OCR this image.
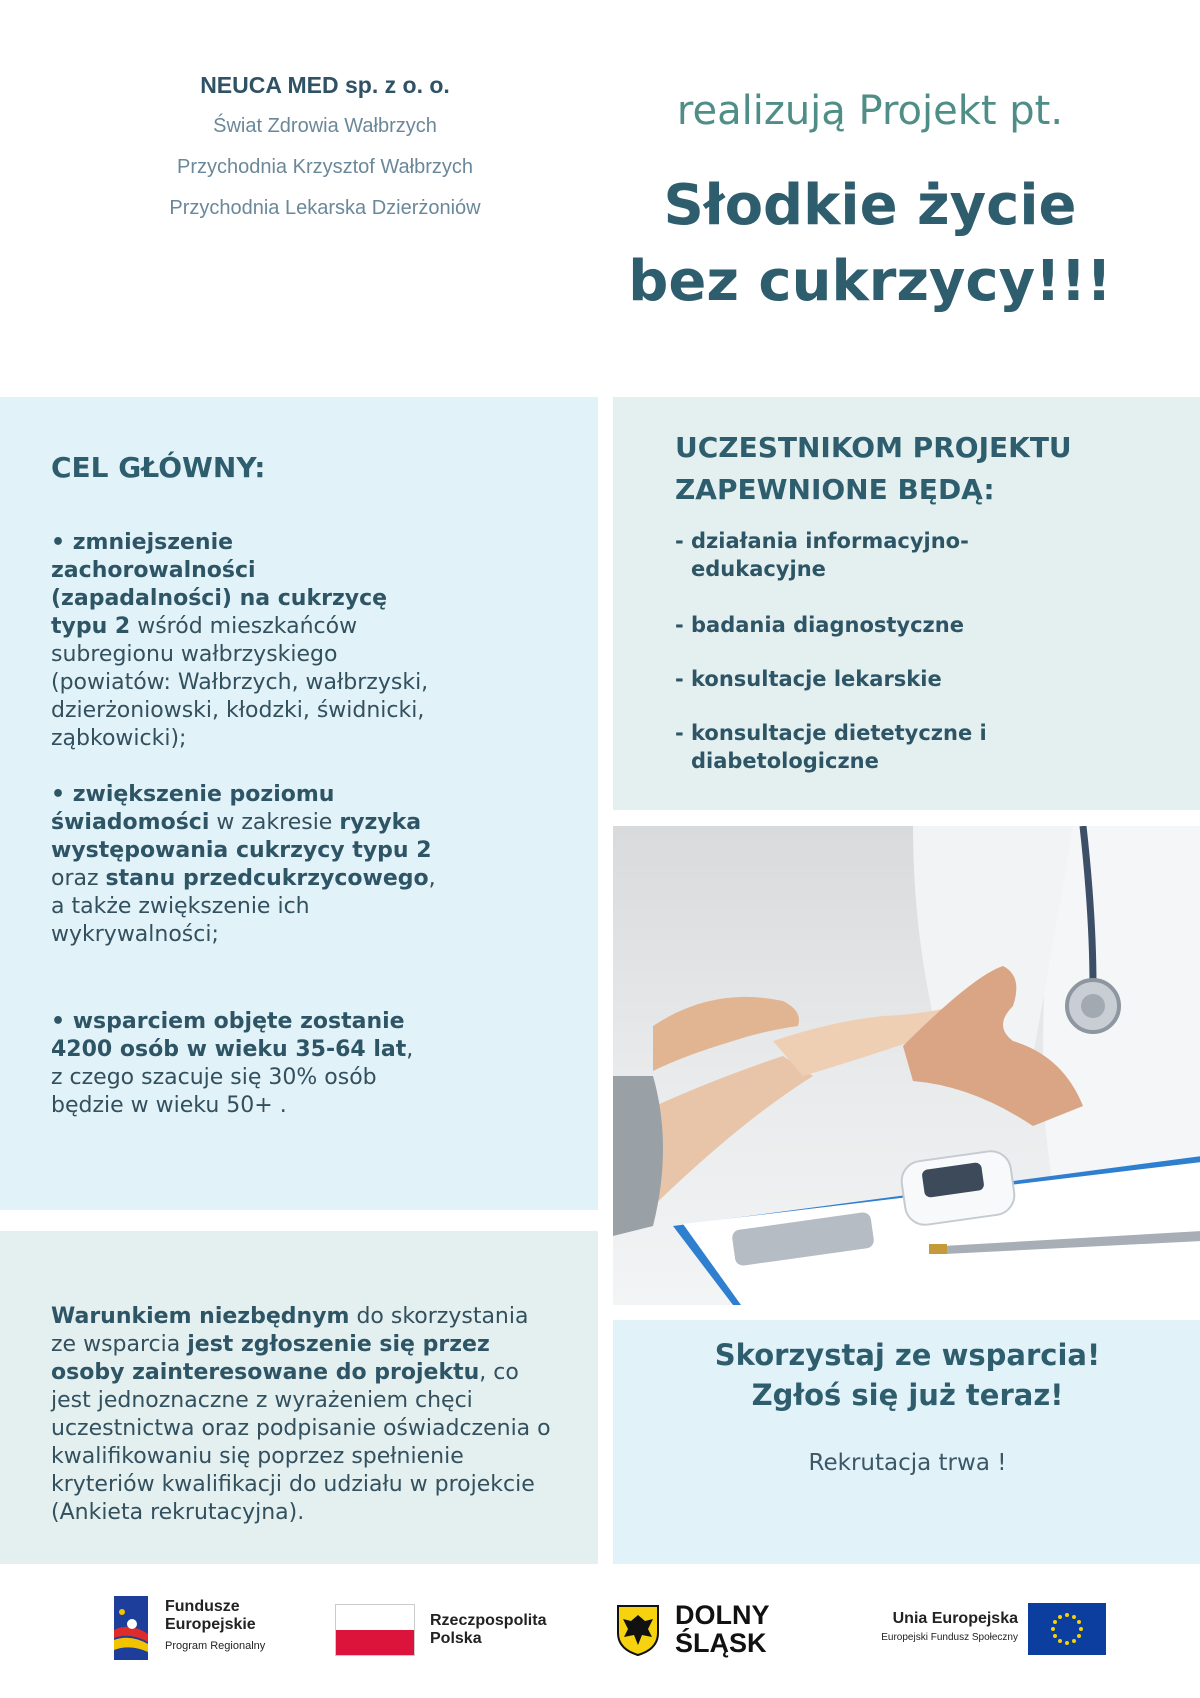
NEUCA MED sp. z o. o.
Świat Zdrowia Wałbrzych
Przychodnia Krzysztof Wałbrzych
Przychodnia Lekarska Dzierżoniów
realizują Projekt pt.
Słodkie życie
bez cukrzycy!!!
CEL GŁÓWNY:
• zmniejszenie zachorowalności (zapadalności) na cukrzycę typu 2 wśród mieszkańców subregionu wałbrzyskiego (powiatów: Wałbrzych, wałbrzyski, dzierżoniowski, kłodzki, świdnicki, ząbkowicki);
• zwiększenie poziomu świadomości w zakresie ryzyka występowania cukrzycy typu 2 oraz stanu przedcukrzycowego, a także zwiększenie ich wykrywalności;
• wsparciem objęte zostanie 4200 osób w wieku 35-64 lat,
z czego szacuje się 30% osób będzie w wieku 50+ .
UCZESTNIKOM PROJEKTU
ZAPEWNIONE BĘDĄ:
- działania informacyjno-
edukacyjne
- badania diagnostyczne
- konsultacje lekarskie
- konsultacje dietetyczne i
diabetologiczne
Warunkiem niezbędnym do skorzystania ze wsparcia jest zgłoszenie się przez osoby zainteresowane do projektu, co jest jednoznaczne z wyrażeniem chęci uczestnictwa oraz podpisanie oświadczenia o kwalifikowaniu się poprzez spełnienie kryteriów kwalifikacji do udziału w projekcie (Ankieta rekrutacyjna).
Skorzystaj ze wsparcia!
Zgłoś się już teraz!
Rekrutacja trwa !
Fundusze
Europejskie
Program Regionalny
Rzeczpospolita
Polska
DOLNY
ŚLĄSK
Unia Europejska
Europejski Fundusz Społeczny
